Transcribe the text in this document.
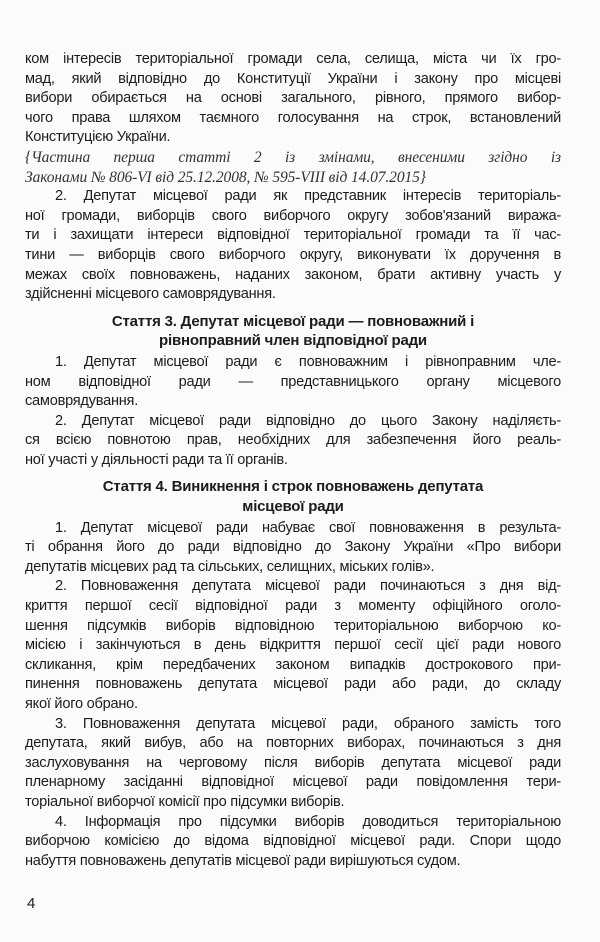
ком інтересів територіальної громади села, селища, міста чи їх гро-
мад, який відповідно до Конституції України і закону про місцеві
вибори обирається на основі загального, рівного, прямого вибор-
чого права шляхом таємного голосування на строк, встановлений
Конституцією України.
{Частина перша статті 2 із змінами, внесеними згідно із
Законами № 806-VI від 25.12.2008, № 595-VIII від 14.07.2015}
2. Депутат місцевої ради як представник інтересів територіаль-
ної громади, виборців свого виборчого округу зобов'язаний виража-
ти і захищати інтереси відповідної територіальної громади та її час-
тини — виборців свого виборчого округу, виконувати їх доручення в
межах своїх повноважень, наданих законом, брати активну участь у
здійсненні місцевого самоврядування.
Стаття 3. Депутат місцевої ради — повноважний і
рівноправний член відповідної ради
1. Депутат місцевої ради є повноважним і рівноправним чле-
ном відповідної ради — представницького органу місцевого
самоврядування.
2. Депутат місцевої ради відповідно до цього Закону наділяєть-
ся всією повнотою прав, необхідних для забезпечення його реаль-
ної участі у діяльності ради та її органів.
Стаття 4. Виникнення і строк повноважень депутата
місцевої ради
1. Депутат місцевої ради набуває свої повноваження в результа-
ті обрання його до ради відповідно до Закону України «Про вибори
депутатів місцевих рад та сільських, селищних, міських голів».
2. Повноваження депутата місцевої ради починаються з дня від-
криття першої сесії відповідної ради з моменту офіційного оголо-
шення підсумків виборів відповідною територіальною виборчою ко-
місією і закінчуються в день відкриття першої сесії цієї ради нового
скликання, крім передбачених законом випадків дострокового при-
пинення повноважень депутата місцевої ради або ради, до складу
якої його обрано.
3. Повноваження депутата місцевої ради, обраного замість того
депутата, який вибув, або на повторних виборах, починаються з дня
заслуховування на черговому після виборів депутата місцевої ради
пленарному засіданні відповідної місцевої ради повідомлення тери-
торіальної виборчої комісії про підсумки виборів.
4. Інформація про підсумки виборів доводиться територіальною
виборчою комісією до відома відповідної місцевої ради. Спори щодо
набуття повноважень депутатів місцевої ради вирішуються судом.
4
